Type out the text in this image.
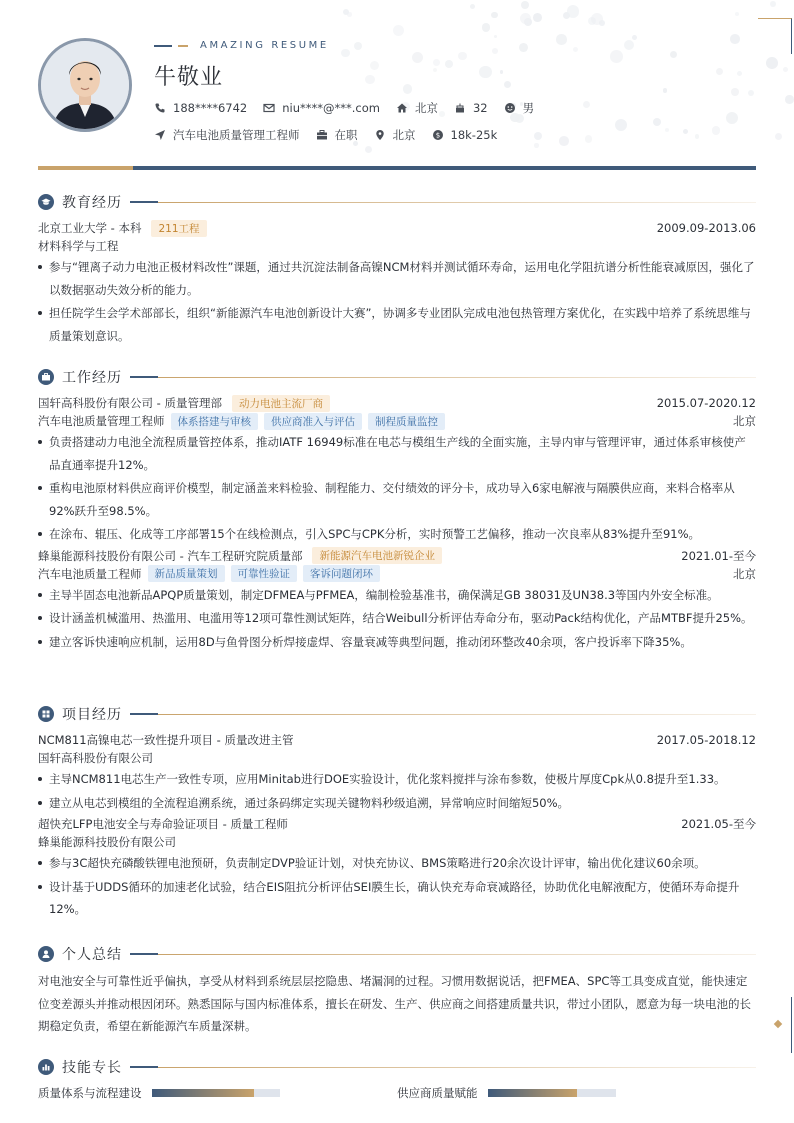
AMAZING RESUME
牛敬业
188****6742	niu****@***.com	北京	32	男
汽车电池质量管理工程师	在职	北京	$ 18k-25k
教育经历
北京工业大学 - 本科	211工程	2009.09-2013.06
材料科学与工程
参与“锂离子动力电池正极材料改性”课题，通过共沉淀法制备高镍NCM材料并测试循环寿命，运用电化学阻抗谱分析性能衰减原因，强化了以数据驱动失效分析的能力。
担任院学生会学术部部长，组织“新能源汽车电池创新设计大赛”，协调多专业团队完成电池包热管理方案优化，在实践中培养了系统思维与质量策划意识。
工作经历
国轩高科股份有限公司 - 质量管理部	动力电池主流厂商	2015.07-2020.12
汽车电池质量管理工程师	体系搭建与审核	供应商准入与评估	制程质量监控	北京
负责搭建动力电池全流程质量管控体系，推动IATF 16949标准在电芯与模组生产线的全面实施，主导内审与管理评审，通过体系审核使产品直通率提升12%。
重构电池原材料供应商评价模型，制定涵盖来料检验、制程能力、交付绩效的评分卡，成功导入6家电解液与隔膜供应商，来料合格率从92%跃升至98.5%。
在涂布、辊压、化成等工序部署15个在线检测点，引入SPC与CPK分析，实时预警工艺偏移，推动一次良率从83%提升至91%。
蜂巢能源科技股份有限公司 - 汽车工程研究院质量部	新能源汽车电池新锐企业	2021.01-至今
汽车电池质量工程师	新品质量策划	可靠性验证	客诉问题闭环	北京
主导半固态电池新品APQP质量策划，制定DFMEA与PFMEA，编制检验基准书，确保满足GB 38031及UN38.3等国内外安全标准。
设计涵盖机械滥用、热滥用、电滥用等12项可靠性测试矩阵，结合Weibull分析评估寿命分布，驱动Pack结构优化，产品MTBF提升25%。
建立客诉快速响应机制，运用8D与鱼骨图分析焊接虚焊、容量衰减等典型问题，推动闭环整改40余项，客户投诉率下降35%。
项目经历
NCM811高镍电芯一致性提升项目 - 质量改进主管	2017.05-2018.12
国轩高科股份有限公司
主导NCM811电芯生产一致性专项，应用Minitab进行DOE实验设计，优化浆料搅拌与涂布参数，使极片厚度Cpk从0.8提升至1.33。
建立从电芯到模组的全流程追溯系统，通过条码绑定实现关键物料秒级追溯，异常响应时间缩短50%。
超快充LFP电池安全与寿命验证项目 - 质量工程师	2021.05-至今
蜂巢能源科技股份有限公司
参与3C超快充磷酸铁锂电池预研，负责制定DVP验证计划，对快充协议、BMS策略进行20余次设计评审，输出优化建议60余项。
设计基于UDDS循环的加速老化试验，结合EIS阻抗分析评估SEI膜生长，确认快充寿命衰减路径，协助优化电解液配方，使循环寿命提升12%。
个人总结

对电池安全与可靠性近乎偏执，享受从材料到系统层层挖隐患、堵漏洞的过程。习惯用数据说话，把FMEA、SPC等工具变成直觉，能快速定位变差源头并推动根因闭环。熟悉国际与国内标准体系，擅长在研发、生产、供应商之间搭建质量共识，带过小团队，愿意为每一块电池的长期稳定负责，希望在新能源汽车质量深耕。

技能专长
质量体系与流程建设	供应商质量赋能
